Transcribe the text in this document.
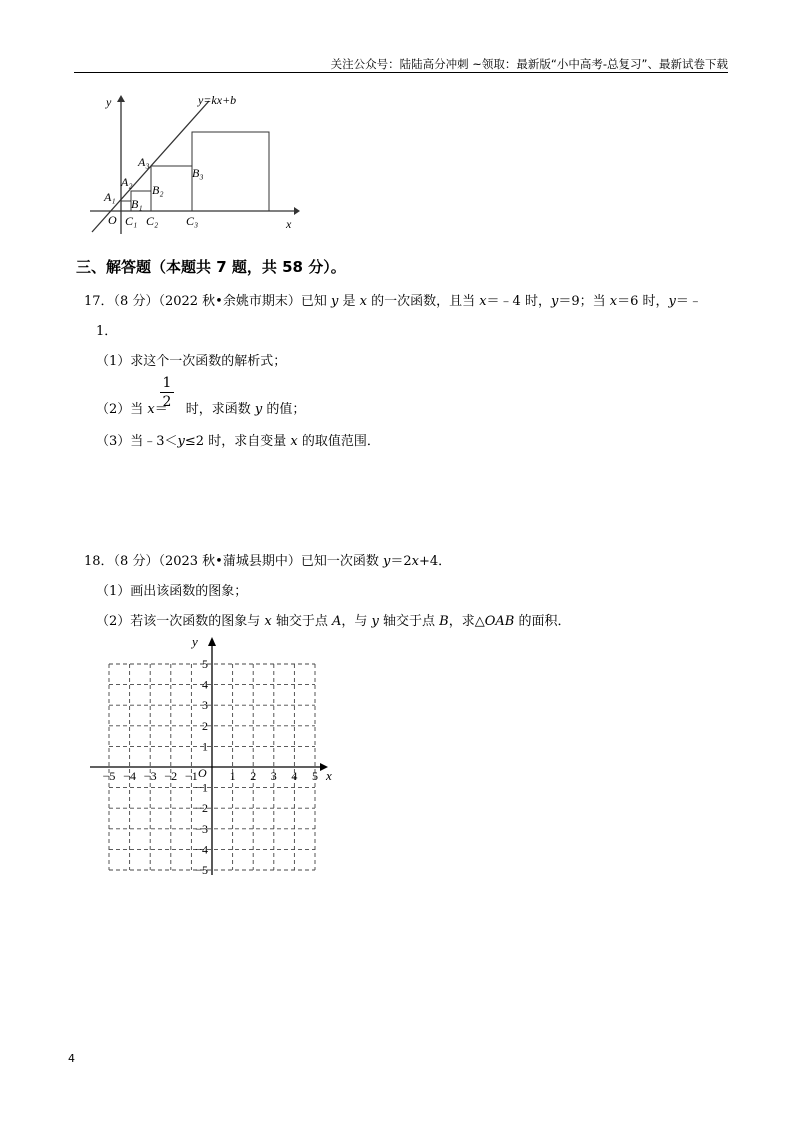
关注公众号：陆陆高分冲刺 ~领取：最新版“小中高考-总复习”、最新试卷下载
y=kx+b
y
x
O
A₁
A₂
A₃
B₁
B₂
B₃
C₁ C₂ C₃
三、解答题（本题共 7 题，共 58 分）。
17．（8 分）（2022 秋•余姚市期末）已知 y 是 x 的一次函数，且当 x＝﹣4 时，y＝9；当 x＝6 时，y＝﹣
1．
（1）求这个一次函数的解析式；
（2）当 x＝ 时，求函数 y 的值；
1
2
（3）当﹣3＜y≤2 时，求自变量 x 的取值范围．
18．（8 分）（2023 秋•蒲城县期中）已知一次函数 y＝2x+4．
（1）画出该函数的图象；
（2）若该一次函数的图象与 x 轴交于点 A，与 y 轴交于点 B，求△OAB 的面积．
x
y
O
−5 −4 −3 −2 −1	1 2 3 4 5
1
2
3
4
5
−1
−2
−3
−4
−5
4
